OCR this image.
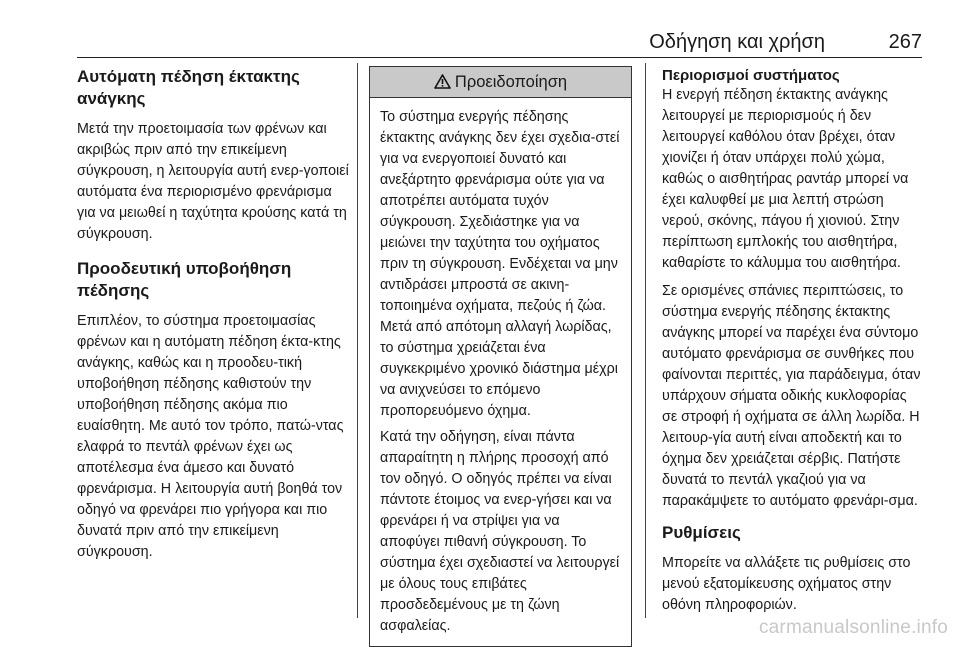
Οδήγηση και χρήση	267
Αυτόματη πέδηση έκτακτης ανάγκης

Μετά την προετοιμασία των φρένων και ακριβώς πριν από την επικείμενη σύγκρουση, η λειτουργία αυτή ενερ-γοποιεί αυτόματα ένα περιορισμένο φρενάρισμα για να μειωθεί η ταχύτητα κρούσης κατά τη σύγκρουση.

Προοδευτική υποβοήθηση πέδησης

Επιπλέον, το σύστημα προετοιμασίας φρένων και η αυτόματη πέδηση έκτα-κτης ανάγκης, καθώς και η προοδευ-τική υποβοήθηση πέδησης καθιστούν την υποβοήθηση πέδησης ακόμα πιο ευαίσθητη. Με αυτό τον τρόπο, πατώ-ντας ελαφρά το πεντάλ φρένων έχει ως αποτέλεσμα ένα άμεσο και δυνατό φρενάρισμα. Η λειτουργία αυτή βοηθά τον οδηγό να φρενάρει πιο γρήγορα και πιο δυνατά πριν από την επικείμενη σύγκρουση.

Προειδοποίηση

Το σύστημα ενεργής πέδησης έκτακτης ανάγκης δεν έχει σχεδια-στεί για να ενεργοποιεί δυνατό και ανεξάρτητο φρενάρισμα ούτε για να αποτρέπει αυτόματα τυχόν σύγκρουση. Σχεδιάστηκε για να μειώνει την ταχύτητα του οχήματος πριν τη σύγκρουση. Ενδέχεται να μην αντιδράσει μπροστά σε ακινη-τοποιημένα οχήματα, πεζούς ή ζώα. Μετά από απότομη αλλαγή λωρίδας, το σύστημα χρειάζεται ένα συγκεκριμένο χρονικό διάστημα μέχρι να ανιχνεύσει το επόμενο προπορευόμενο όχημα.

Κατά την οδήγηση, είναι πάντα απαραίτητη η πλήρης προσοχή από τον οδηγό. Ο οδηγός πρέπει να είναι πάντοτε έτοιμος να ενερ-γήσει και να φρενάρει ή να στρίψει για να αποφύγει πιθανή σύγκρουση. Το σύστημα έχει σχεδιαστεί να λειτουργεί με όλους τους επιβάτες προσδεδεμένους με τη ζώνη ασφαλείας.

Περιορισμοί συστήματος

Η ενεργή πέδηση έκτακτης ανάγκης λειτουργεί με περιορισμούς ή δεν λειτουργεί καθόλου όταν βρέχει, όταν χιονίζει ή όταν υπάρχει πολύ χώμα, καθώς ο αισθητήρας ραντάρ μπορεί να έχει καλυφθεί με μια λεπτή στρώση νερού, σκόνης, πάγου ή χιονιού. Στην περίπτωση εμπλοκής του αισθητήρα, καθαρίστε το κάλυμμα του αισθητήρα.

Σε ορισμένες σπάνιες περιπτώσεις, το σύστημα ενεργής πέδησης έκτακτης ανάγκης μπορεί να παρέχει ένα σύντομο αυτόματο φρενάρισμα σε συνθήκες που φαίνονται περιττές, για παράδειγμα, όταν υπάρχουν σήματα οδικής κυκλοφορίας σε στροφή ή οχήματα σε άλλη λωρίδα. Η λειτουρ-γία αυτή είναι αποδεκτή και το όχημα δεν χρειάζεται σέρβις. Πατήστε δυνατά το πεντάλ γκαζιού για να παρακάμψετε το αυτόματο φρενάρι-σμα.

Ρυθμίσεις

Μπορείτε να αλλάξετε τις ρυθμίσεις στο μενού εξατομίκευσης οχήματος στην οθόνη πληροφοριών.

carmanualsonline.info
